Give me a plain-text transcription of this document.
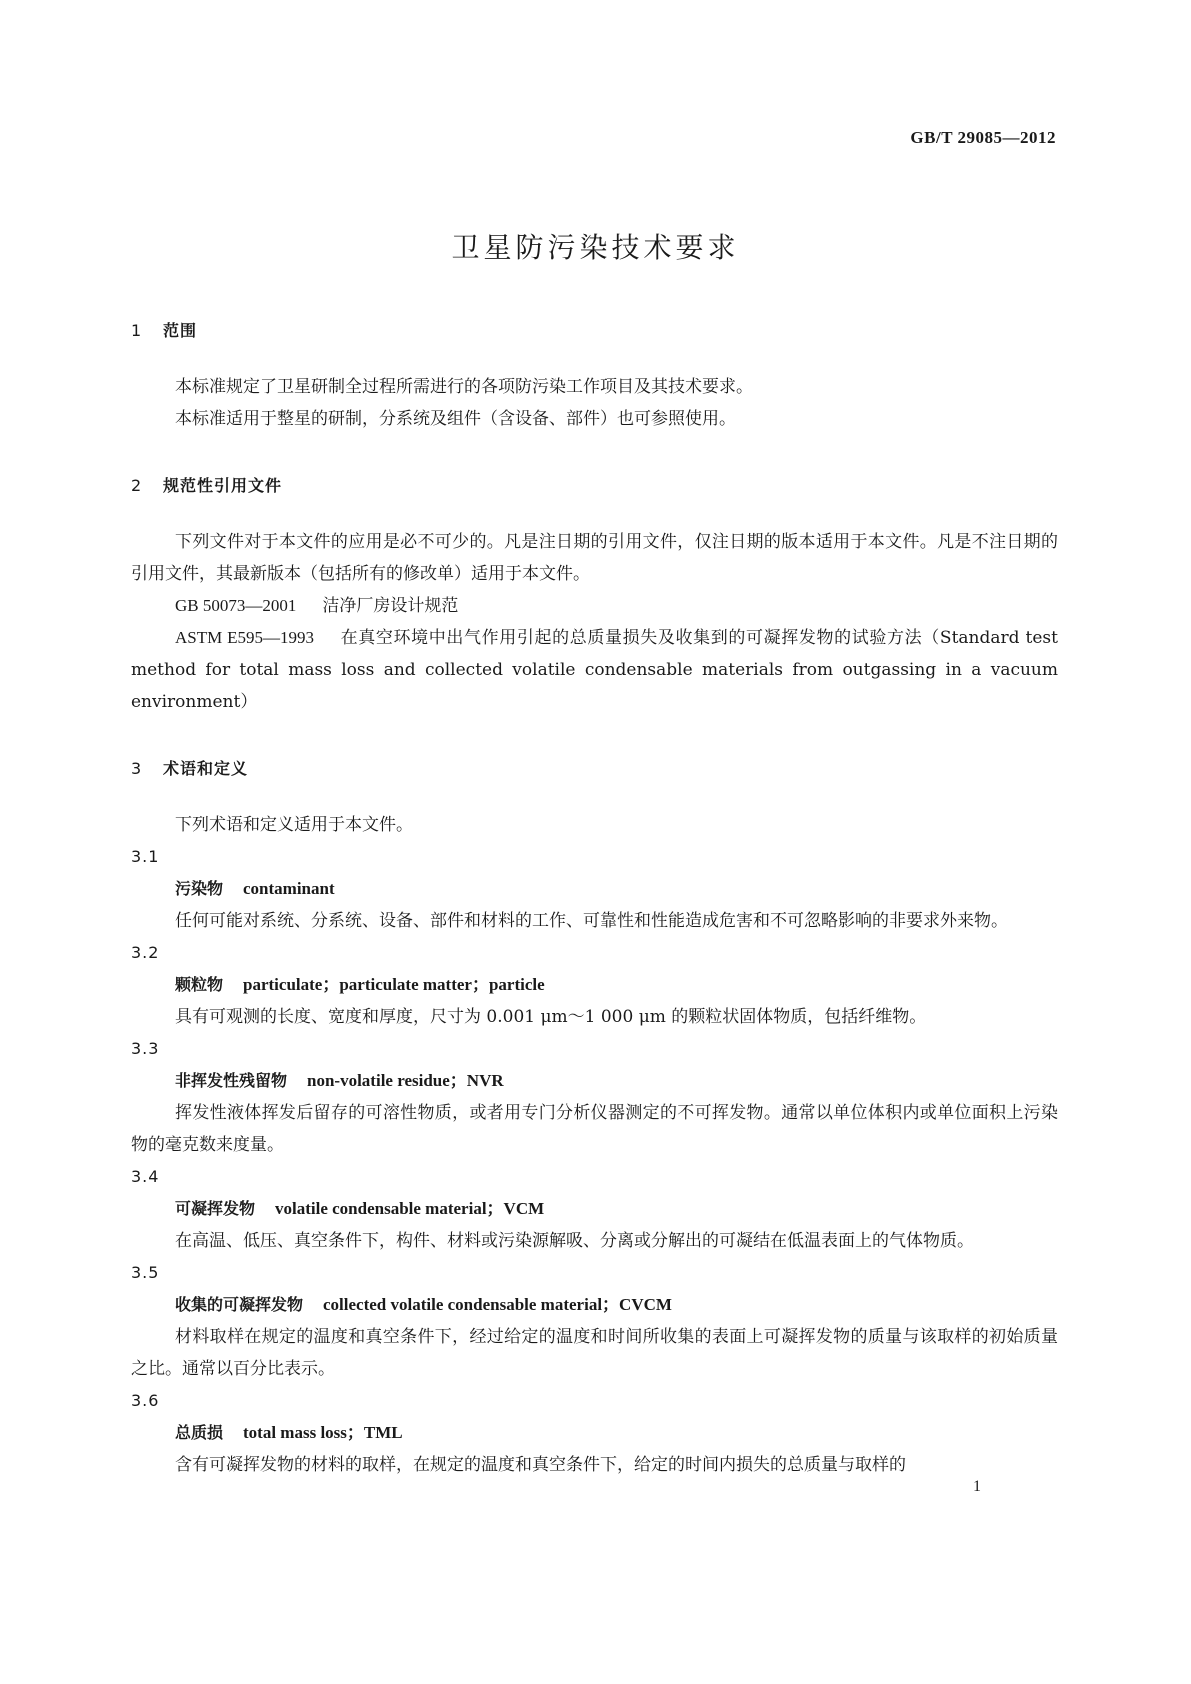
GB/T 29085—2012
卫星防污染技术要求
1 范围

本标准规定了卫星研制全过程所需进行的各项防污染工作项目及其技术要求。

本标准适用于整星的研制，分系统及组件（含设备、部件）也可参照使用。

2 规范性引用文件

下列文件对于本文件的应用是必不可少的。凡是注日期的引用文件，仅注日期的版本适用于本文件。凡是不注日期的引用文件，其最新版本（包括所有的修改单）适用于本文件。

GB 50073—2001 洁净厂房设计规范

ASTM E595—1993 在真空环境中出气作用引起的总质量损失及收集到的可凝挥发物的试验方法（Standard test method for total mass loss and collected volatile condensable materials from outgassing in a vacuum environment）

3 术语和定义

下列术语和定义适用于本文件。

3.1
污染物 contaminant

任何可能对系统、分系统、设备、部件和材料的工作、可靠性和性能造成危害和不可忽略影响的非要求外来物。

3.2
颗粒物 particulate；particulate matter；particle

具有可观测的长度、宽度和厚度，尺寸为 0.001 μm～1 000 μm 的颗粒状固体物质，包括纤维物。

3.3
非挥发性残留物 non-volatile residue；NVR

挥发性液体挥发后留存的可溶性物质，或者用专门分析仪器测定的不可挥发物。通常以单位体积内或单位面积上污染物的毫克数来度量。

3.4
可凝挥发物 volatile condensable material；VCM

在高温、低压、真空条件下，构件、材料或污染源解吸、分离或分解出的可凝结在低温表面上的气体物质。

3.5
收集的可凝挥发物 collected volatile condensable material；CVCM

材料取样在规定的温度和真空条件下，经过给定的温度和时间所收集的表面上可凝挥发物的质量与该取样的初始质量之比。通常以百分比表示。

3.6
总质损 total mass loss；TML

含有可凝挥发物的材料的取样，在规定的温度和真空条件下，给定的时间内损失的总质量与取样的

1
